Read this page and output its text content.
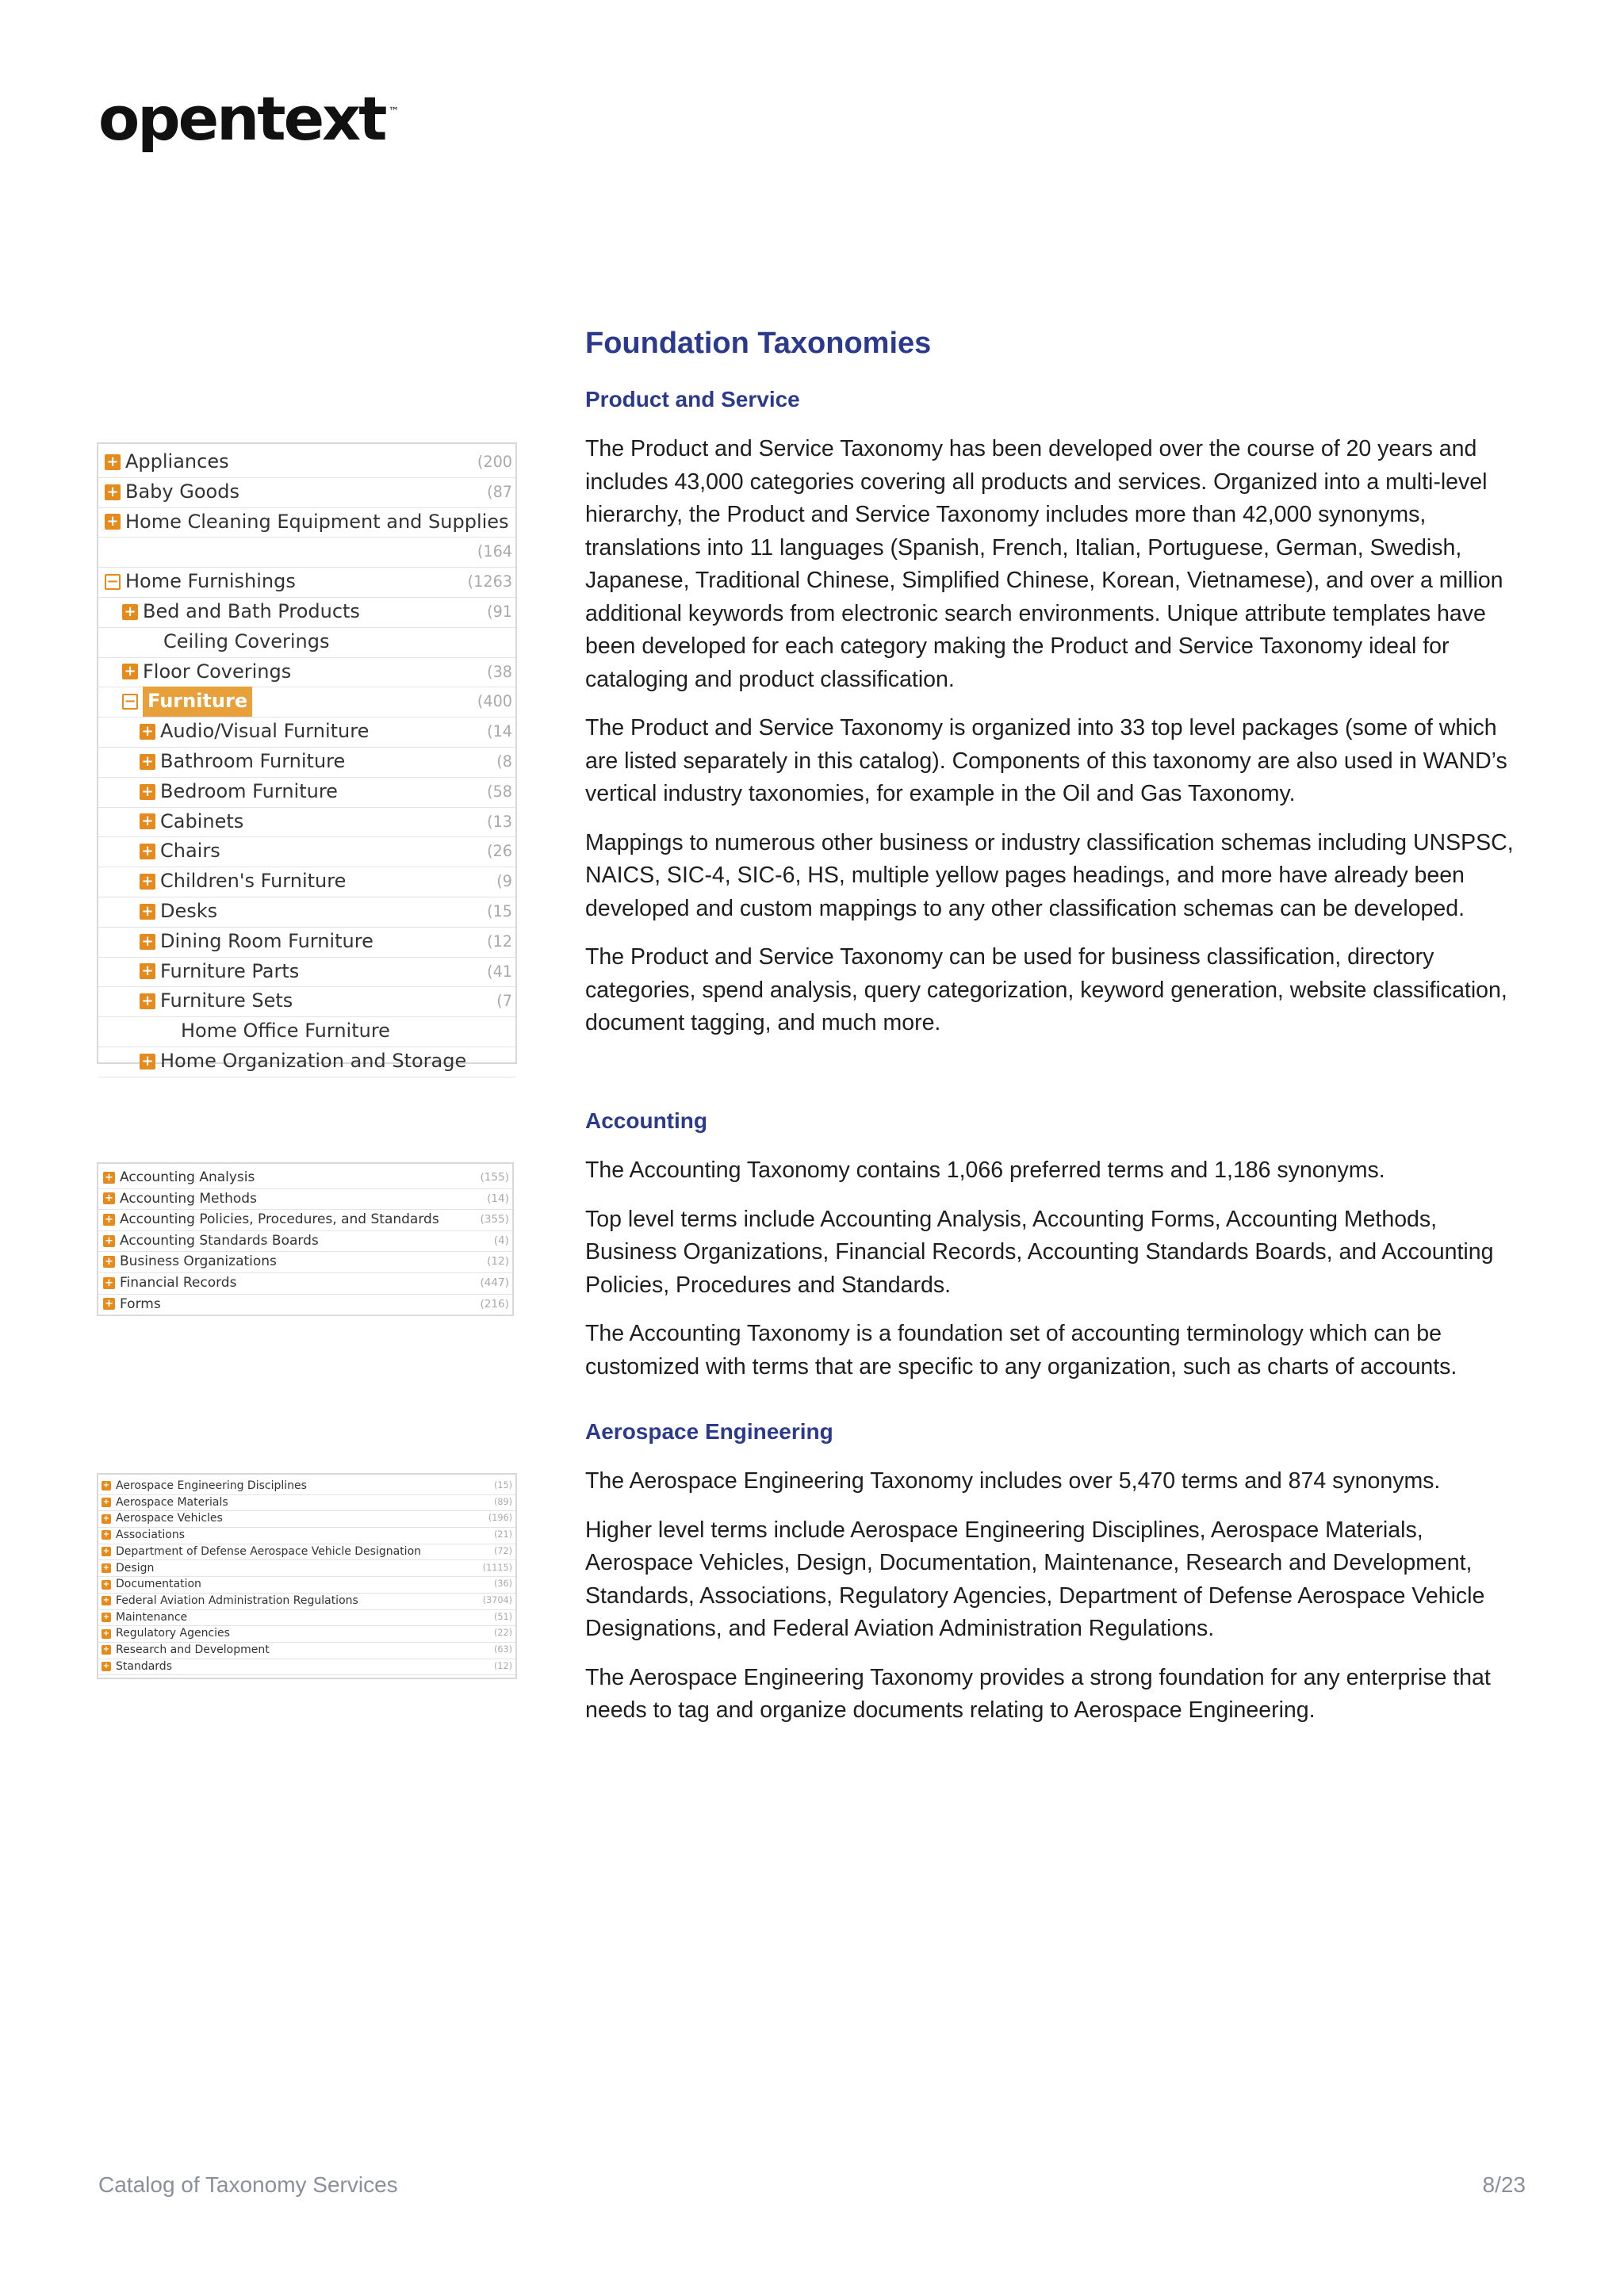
opentext ™
Foundation Taxonomies
Product and Service

The Product and Service Taxonomy has been developed over the course of 20 years and includes 43,000 categories covering all products and services. Organized into a multi-level hierarchy, the Product and Service Taxonomy includes more than 42,000 synonyms, translations into 11 languages (Spanish, French, Italian, Portuguese, German, Swedish, Japanese, Traditional Chinese, Simplified Chinese, Korean, Vietnamese), and over a million additional keywords from electronic search environments. Unique attribute templates have been developed for each category making the Product and Service Taxonomy ideal for cataloging and product classification.

The Product and Service Taxonomy is organized into 33 top level packages (some of which are listed separately in this catalog). Components of this taxonomy are also used in WAND’s vertical industry taxonomies, for example in the Oil and Gas Taxonomy.

Mappings to numerous other business or industry classification schemas including UNSPSC, NAICS, SIC-4, SIC-6, HS, multiple yellow pages headings, and more have already been developed and custom mappings to any other classification schemas can be developed.

The Product and Service Taxonomy can be used for business classification, directory categories, spend analysis, query categorization, keyword generation, website classification, document tagging, and much more.

Accounting

The Accounting Taxonomy contains 1,066 preferred terms and 1,186 synonyms.

Top level terms include Accounting Analysis, Accounting Forms, Accounting Methods, Business Organizations, Financial Records, Accounting Standards Boards, and Accounting Policies, Procedures and Standards.

The Accounting Taxonomy is a foundation set of accounting terminology which can be customized with terms that are specific to any organization, such as charts of accounts.

Aerospace Engineering

The Aerospace Engineering Taxonomy includes over 5,470 terms and 874 synonyms.

Higher level terms include Aerospace Engineering Disciplines, Aerospace Materials, Aerospace Vehicles, Design, Documentation, Maintenance, Research and Development, Standards, Associations, Regulatory Agencies, Department of Defense Aerospace Vehicle Designations, and Federal Aviation Administration Regulations.

The Aerospace Engineering Taxonomy provides a strong foundation for any enterprise that needs to tag and organize documents relating to Aerospace Engineering.

+ Appliances	(200
+ Baby Goods	(87
+ Home Cleaning Equipment and Supplies
(164
− Home Furnishings	(1263
+ Bed and Bath Products	(91
Ceiling Coverings
+ Floor Coverings	(38
− Furniture	(400
+ Audio/Visual Furniture	(14
+ Bathroom Furniture	(8
+ Bedroom Furniture	(58
+ Cabinets	(13
+ Chairs	(26
+ Children's Furniture	(9
+ Desks	(15
+ Dining Room Furniture	(12
+ Furniture Parts	(41
+ Furniture Sets	(7
Home Office Furniture
+ Home Organization and Storage
+ Accounting Analysis	(155)
+ Accounting Methods	(14)
+ Accounting Policies, Procedures, and Standards	(355)
+ Accounting Standards Boards	(4)
+ Business Organizations	(12)
+ Financial Records	(447)
+ Forms	(216)
+ Aerospace Engineering Disciplines	(15)
+ Aerospace Materials	(89)
+ Aerospace Vehicles	(196)
+ Associations	(21)
+ Department of Defense Aerospace Vehicle Designation	(72)
+ Design	(1115)
+ Documentation	(36)
+ Federal Aviation Administration Regulations	(3704)
+ Maintenance	(51)
+ Regulatory Agencies	(22)
+ Research and Development	(63)
+ Standards	(12)
Catalog of Taxonomy Services	8/23
